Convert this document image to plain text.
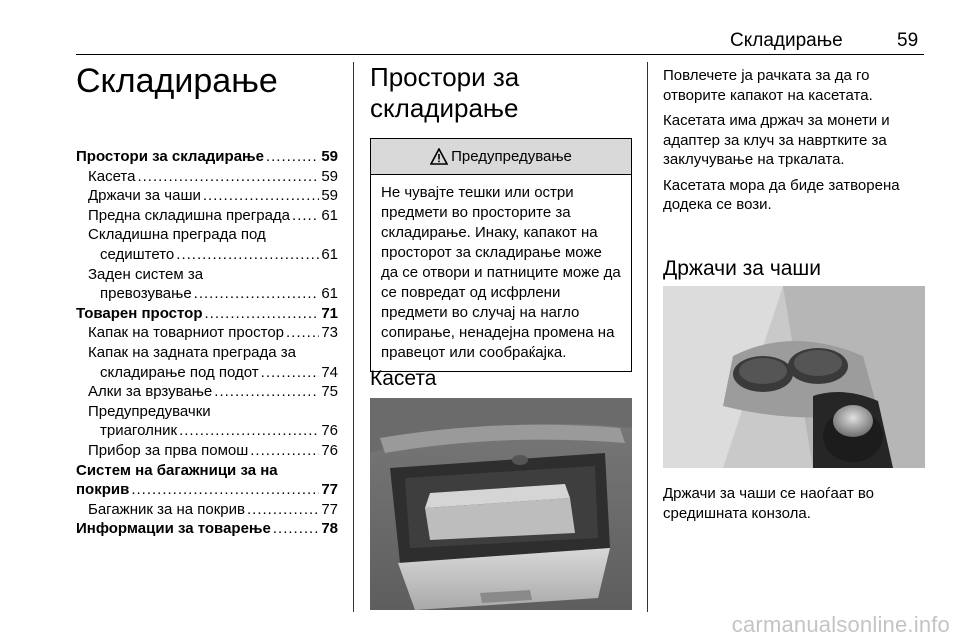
Складирање	59
Складирање
Простори за складирање .....	59
Касета .....	59
Држачи за чаши .....	59
Предна складишна преграда ..... 61
Складишна преграда под
седиштето .....	61
Заден систем за
превозување .....	61
Товарен простор .....	71
Капак на товарниот простор ..... 73
Капак на задната преграда за
складирање под подот .....	74
Алки за врзување .....	75
Предупредувачки
триаголник .....	76
Прибор за прва помош .....	76
Систем на багажници за на
покрив .....	77
Багажник за на покрив .....	77
Информации за товарење .....	78
Простори за
складирање
Предупредување
Не чувајте тешки или остри предмети во просторите за складирање. Инаку, капакот на просторот за складирање може да се отвори и патниците може да се повредат од исфрлени предмети во случај на нагло сопирање, ненадејна промена на правецот или сообраќајка.
Касета

Повлечете ја рачката за да го отворите капакот на касетата.

Касетата има држач за монети и адаптер за клуч за навртките за заклучување на тркалата.

Касетата мора да биде затворена додека се вози.

Држачи за чаши

Држачи за чаши се наоѓаат во средишната конзола.

carmanualsonline.info
